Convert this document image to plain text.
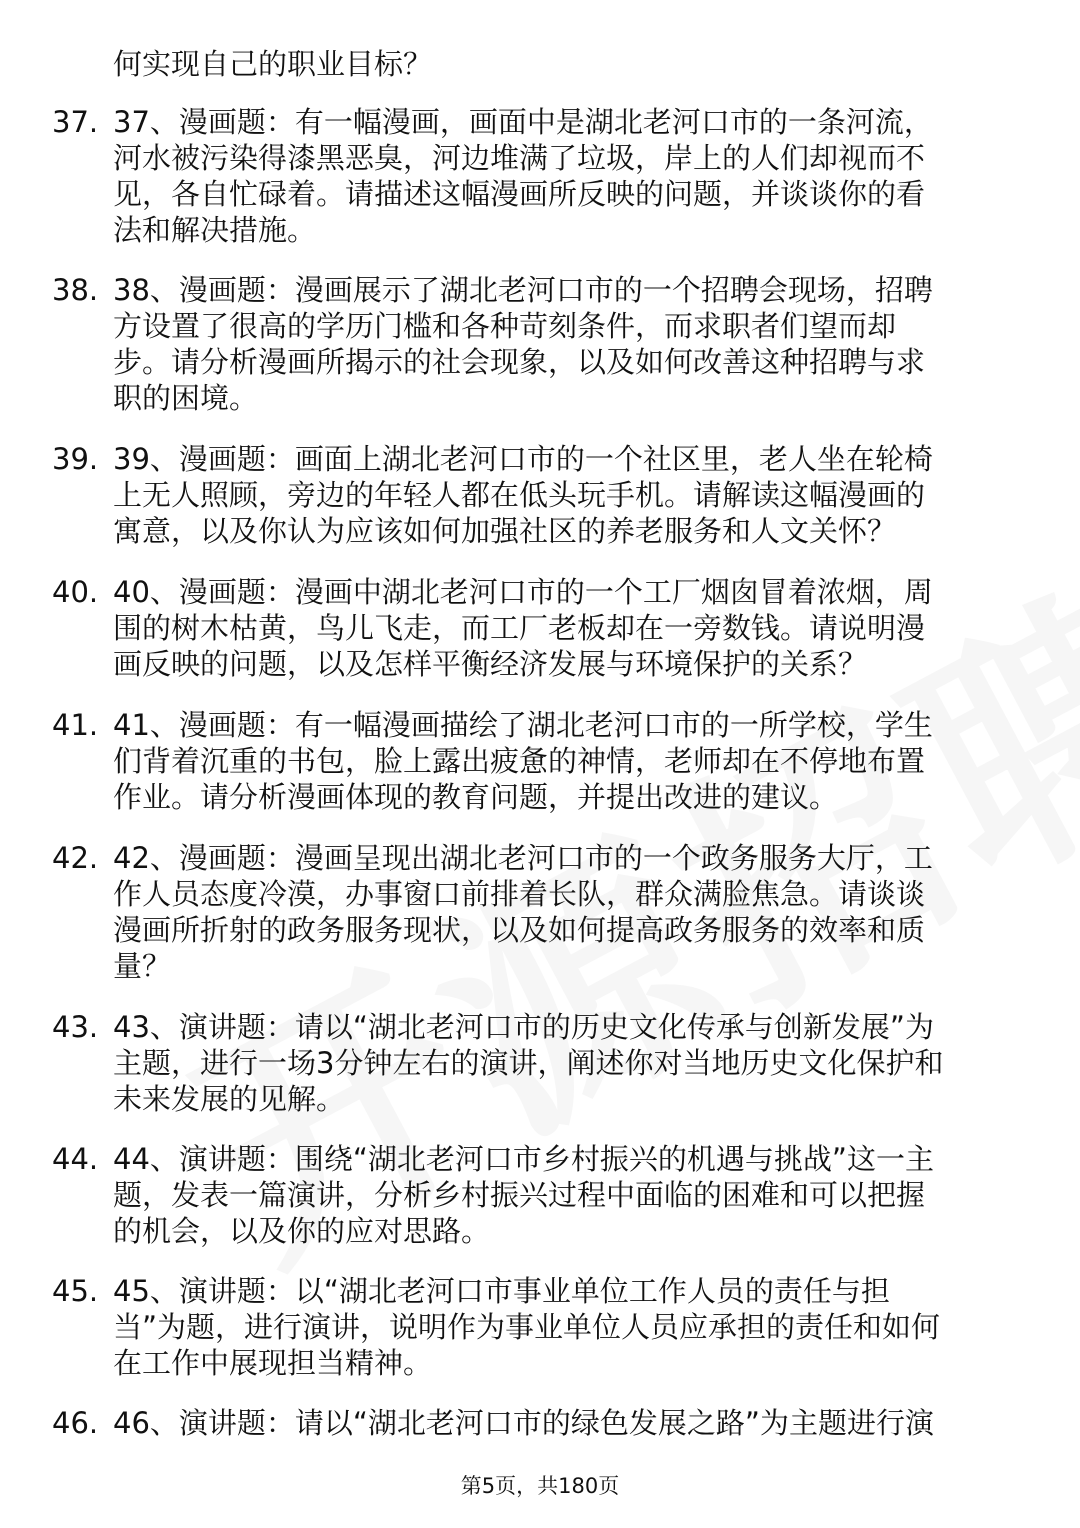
何实现自己的职业目标？
37. 37、漫画题：有一幅漫画，画面中是湖北老河口市的一条河流，
河水被污染得漆黑恶臭，河边堆满了垃圾，岸上的人们却视而不
见，各自忙碌着。请描述这幅漫画所反映的问题，并谈谈你的看
法和解决措施。
38. 38、漫画题：漫画展示了湖北老河口市的一个招聘会现场，招聘
方设置了很高的学历门槛和各种苛刻条件，而求职者们望而却
步。请分析漫画所揭示的社会现象，以及如何改善这种招聘与求
职的困境。
39. 39、漫画题：画面上湖北老河口市的一个社区里，老人坐在轮椅
上无人照顾，旁边的年轻人都在低头玩手机。请解读这幅漫画的
寓意，以及你认为应该如何加强社区的养老服务和人文关怀？
40. 40、漫画题：漫画中湖北老河口市的一个工厂烟囱冒着浓烟，周
围的树木枯黄，鸟儿飞走，而工厂老板却在一旁数钱。请说明漫
画反映的问题，以及怎样平衡经济发展与环境保护的关系？
41. 41、漫画题：有一幅漫画描绘了湖北老河口市的一所学校，学生
们背着沉重的书包，脸上露出疲惫的神情，老师却在不停地布置
作业。请分析漫画体现的教育问题，并提出改进的建议。
42. 42、漫画题：漫画呈现出湖北老河口市的一个政务服务大厅，工
作人员态度冷漠，办事窗口前排着长队，群众满脸焦急。请谈谈
漫画所折射的政务服务现状，以及如何提高政务服务的效率和质
量？
43. 43、演讲题：请以“湖北老河口市的历史文化传承与创新发展”为
主题，进行一场3分钟左右的演讲，阐述你对当地历史文化保护和
未来发展的见解。
44. 44、演讲题：围绕“湖北老河口市乡村振兴的机遇与挑战”这一主
题，发表一篇演讲，分析乡村振兴过程中面临的困难和可以把握
的机会，以及你的应对思路。
45. 45、演讲题：以“湖北老河口市事业单位工作人员的责任与担
当”为题，进行演讲，说明作为事业单位人员应承担的责任和如何
在工作中展现担当精神。
46. 46、演讲题：请以“湖北老河口市的绿色发展之路”为主题进行演
第5页，共180页
